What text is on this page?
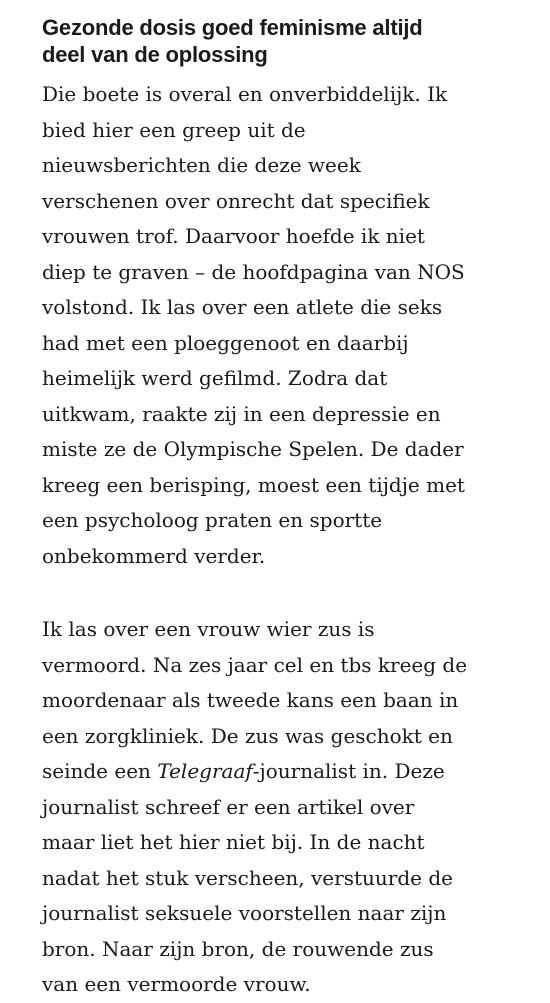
Gezonde dosis goed feminisme altijd
deel van de oplossing

Die boete is overal en onverbiddelijk. Ik
bied hier een greep uit de
nieuwsberichten die deze week
verschenen over onrecht dat specifiek
vrouwen trof. Daarvoor hoefde ik niet
diep te graven – de hoofdpagina van NOS
volstond. Ik las over een atlete die seks
had met een ploeggenoot en daarbij
heimelijk werd gefilmd. Zodra dat
uitkwam, raakte zij in een depressie en
miste ze de Olympische Spelen. De dader
kreeg een berisping, moest een tijdje met
een psycholoog praten en sportte
onbekommerd verder.

Ik las over een vrouw wier zus is
vermoord. Na zes jaar cel en tbs kreeg de
moordenaar als tweede kans een baan in
een zorgkliniek. De zus was geschokt en
seinde een Telegraaf-journalist in. Deze
journalist schreef er een artikel over
maar liet het hier niet bij. In de nacht
nadat het stuk verscheen, verstuurde de
journalist seksuele voorstellen naar zijn
bron. Naar zijn bron, de rouwende zus
van een vermoorde vrouw.
